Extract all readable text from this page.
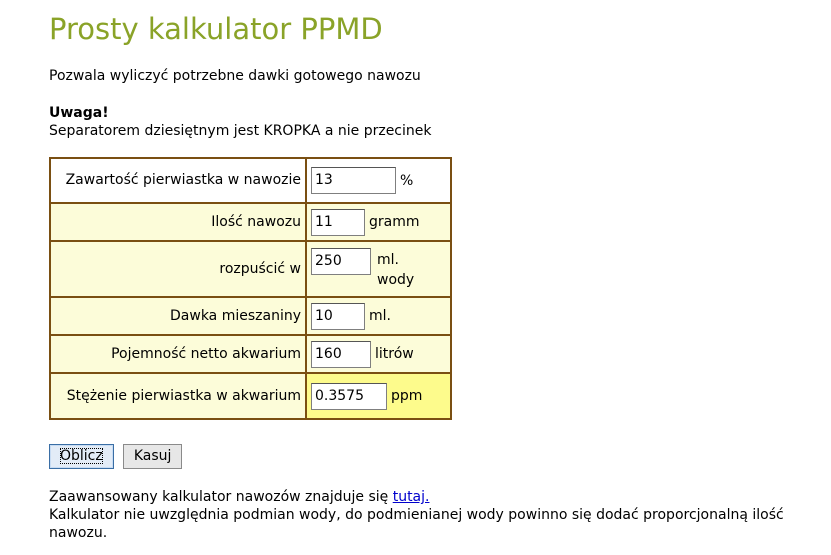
Prosty kalkulator PPMD
Pozwala wyliczyć potrzebne dawki gotowego nawozu
Uwaga!
Separatorem dziesiętnym jest KROPKA a nie przecinek
Zawartość pierwiastka w nawozie	13 %
Ilość nawozu	11 gramm
rozpuścić w	250 ml. wody
Dawka mieszaniny	10 ml.
Pojemność netto akwarium	160 litrów
Stężenie pierwiastka w akwarium	0.3575 ppm
Oblicz Kasuj
Zaawansowany kalkulator nawozów znajduje się tutaj.
Kalkulator nie uwzględnia podmian wody, do podmienianej wody powinno się dodać proporcjonalną ilość nawozu.
